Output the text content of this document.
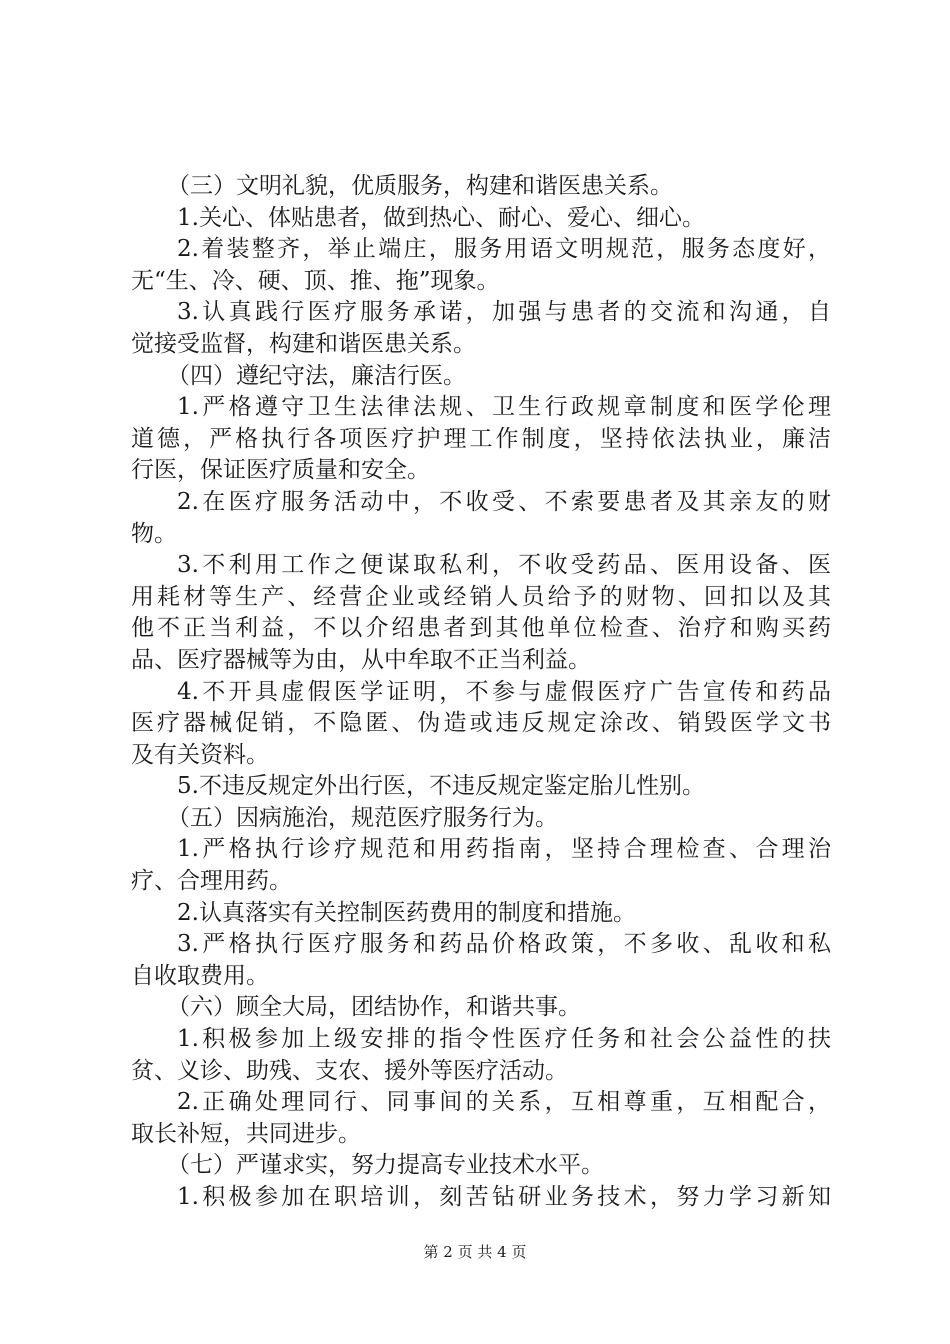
（三）文明礼貌，优质服务，构建和谐医患关系。
1.关心、体贴患者，做到热心、耐心、爱心、细心。
2.着装整齐，举止端庄，服务用语文明规范，服务态度好，
无“生、冷、硬、顶、推、拖”现象。
3.认真践行医疗服务承诺，加强与患者的交流和沟通，自
觉接受监督，构建和谐医患关系。
（四）遵纪守法，廉洁行医。
1.严格遵守卫生法律法规、卫生行政规章制度和医学伦理
道德，严格执行各项医疗护理工作制度，坚持依法执业，廉洁
行医，保证医疗质量和安全。
2.在医疗服务活动中，不收受、不索要患者及其亲友的财
物。
3.不利用工作之便谋取私利，不收受药品、医用设备、医
用耗材等生产、经营企业或经销人员给予的财物、回扣以及其
他不正当利益，不以介绍患者到其他单位检查、治疗和购买药
品、医疗器械等为由，从中牟取不正当利益。
4.不开具虚假医学证明，不参与虚假医疗广告宣传和药品
医疗器械促销，不隐匿、伪造或违反规定涂改、销毁医学文书
及有关资料。
5.不违反规定外出行医，不违反规定鉴定胎儿性别。
（五）因病施治，规范医疗服务行为。
1.严格执行诊疗规范和用药指南，坚持合理检查、合理治
疗、合理用药。
2.认真落实有关控制医药费用的制度和措施。
3.严格执行医疗服务和药品价格政策，不多收、乱收和私
自收取费用。
（六）顾全大局，团结协作，和谐共事。
1.积极参加上级安排的指令性医疗任务和社会公益性的扶
贫、义诊、助残、支农、援外等医疗活动。
2.正确处理同行、同事间的关系，互相尊重，互相配合，
取长补短，共同进步。
（七）严谨求实，努力提高专业技术水平。
1.积极参加在职培训，刻苦钻研业务技术，努力学习新知
第 2 页 共 4 页
